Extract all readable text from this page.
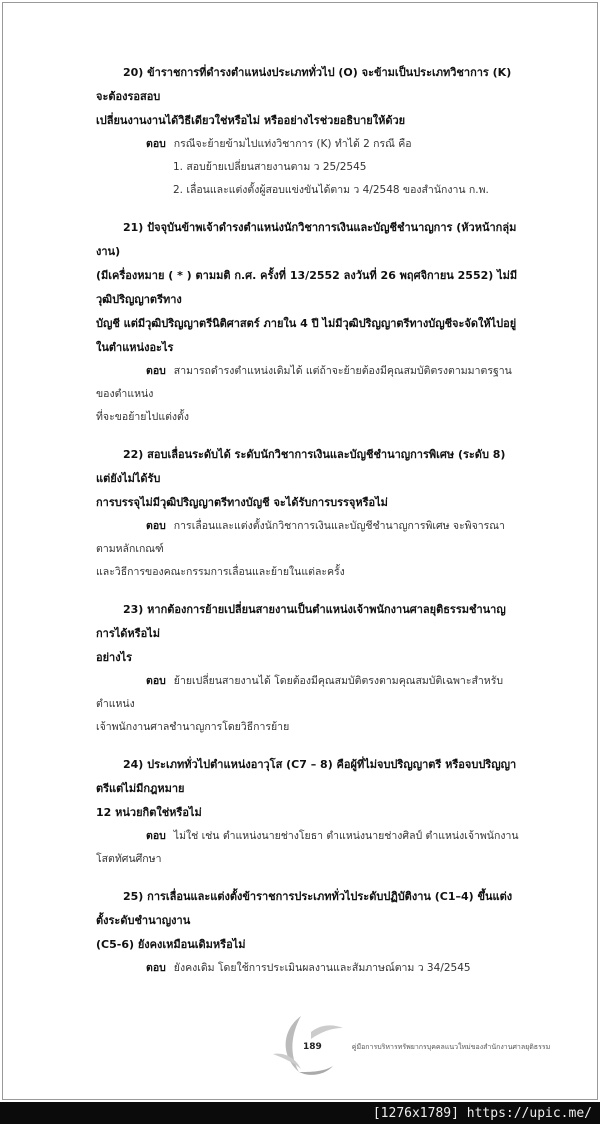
20) ข้าราชการที่ดำรงตำแหน่งประเภททั่วไป (O) จะข้ามเป็นประเภทวิชาการ (K) จะต้องรอสอบ
เปลี่ยนงานงานได้วิธีเดียวใช่หรือไม่ หรืออย่างไรช่วยอธิบายให้ด้วย
ตอบ กรณีจะย้ายข้ามไปแท่งวิชาการ (K) ทำได้ 2 กรณี คือ
1. สอบย้ายเปลี่ยนสายงานตาม ว 25/2545
2. เลื่อนและแต่งตั้งผู้สอบแข่งขันได้ตาม ว 4/2548 ของสำนักงาน ก.พ.
21) ปัจจุบันข้าพเจ้าดำรงตำแหน่งนักวิชาการเงินและบัญชีชำนาญการ (หัวหน้ากลุ่มงาน)
(มีเครื่องหมาย ( * ) ตามมติ ก.ศ. ครั้งที่ 13/2552 ลงวันที่ 26 พฤศจิกายน 2552) ไม่มีวุฒิปริญญาตรีทาง
บัญชี แต่มีวุฒิปริญญาตรีนิติศาสตร์ ภายใน 4 ปี ไม่มีวุฒิปริญญาตรีทางบัญชีจะจัดให้ไปอยู่ในตำแหน่งอะไร
ตอบ สามารถดำรงตำแหน่งเดิมได้ แต่ถ้าจะย้ายต้องมีคุณสมบัติตรงตามมาตรฐานของตำแหน่ง
ที่จะขอย้ายไปแต่งตั้ง
22) สอบเลื่อนระดับได้ ระดับนักวิชาการเงินและบัญชีชำนาญการพิเศษ (ระดับ 8) แต่ยังไม่ได้รับ
การบรรจุไม่มีวุฒิปริญญาตรีทางบัญชี จะได้รับการบรรจุหรือไม่
ตอบ การเลื่อนและแต่งตั้งนักวิชาการเงินและบัญชีชำนาญการพิเศษ จะพิจารณาตามหลักเกณฑ์
และวิธีการของคณะกรรมการเลื่อนและย้ายในแต่ละครั้ง
23) หากต้องการย้ายเปลี่ยนสายงานเป็นตำแหน่งเจ้าพนักงานศาลยุติธรรมชำนาญการได้หรือไม่
อย่างไร
ตอบ ย้ายเปลี่ยนสายงานได้ โดยต้องมีคุณสมบัติตรงตามคุณสมบัติเฉพาะสำหรับตำแหน่ง
เจ้าพนักงานศาลชำนาญการโดยวิธีการย้าย
24) ประเภททั่วไปตำแหน่งอาวุโส (C7 – 8) คือผู้ที่ไม่จบปริญญาตรี หรือจบปริญญาตรีแต่ไม่มีกฎหมาย
12 หน่วยกิตใช่หรือไม่
ตอบ ไม่ใช่ เช่น ตำแหน่งนายช่างโยธา ตำแหน่งนายช่างศิลป์ ตำแหน่งเจ้าพนักงานโสตทัศนศึกษา
25) การเลื่อนและแต่งตั้งข้าราชการประเภททั่วไประดับปฏิบัติงาน (C1–4) ขึ้นแต่งตั้งระดับชำนาญงาน
(C5-6) ยังคงเหมือนเดิมหรือไม่
ตอบ ยังคงเดิม โดยใช้การประเมินผลงานและสัมภาษณ์ตาม ว 34/2545
189	คู่มือการบริหารทรัพยากรบุคคลแนวใหม่ของสำนักงานศาลยุติธรรม
[1276x1789] https://upic.me/
